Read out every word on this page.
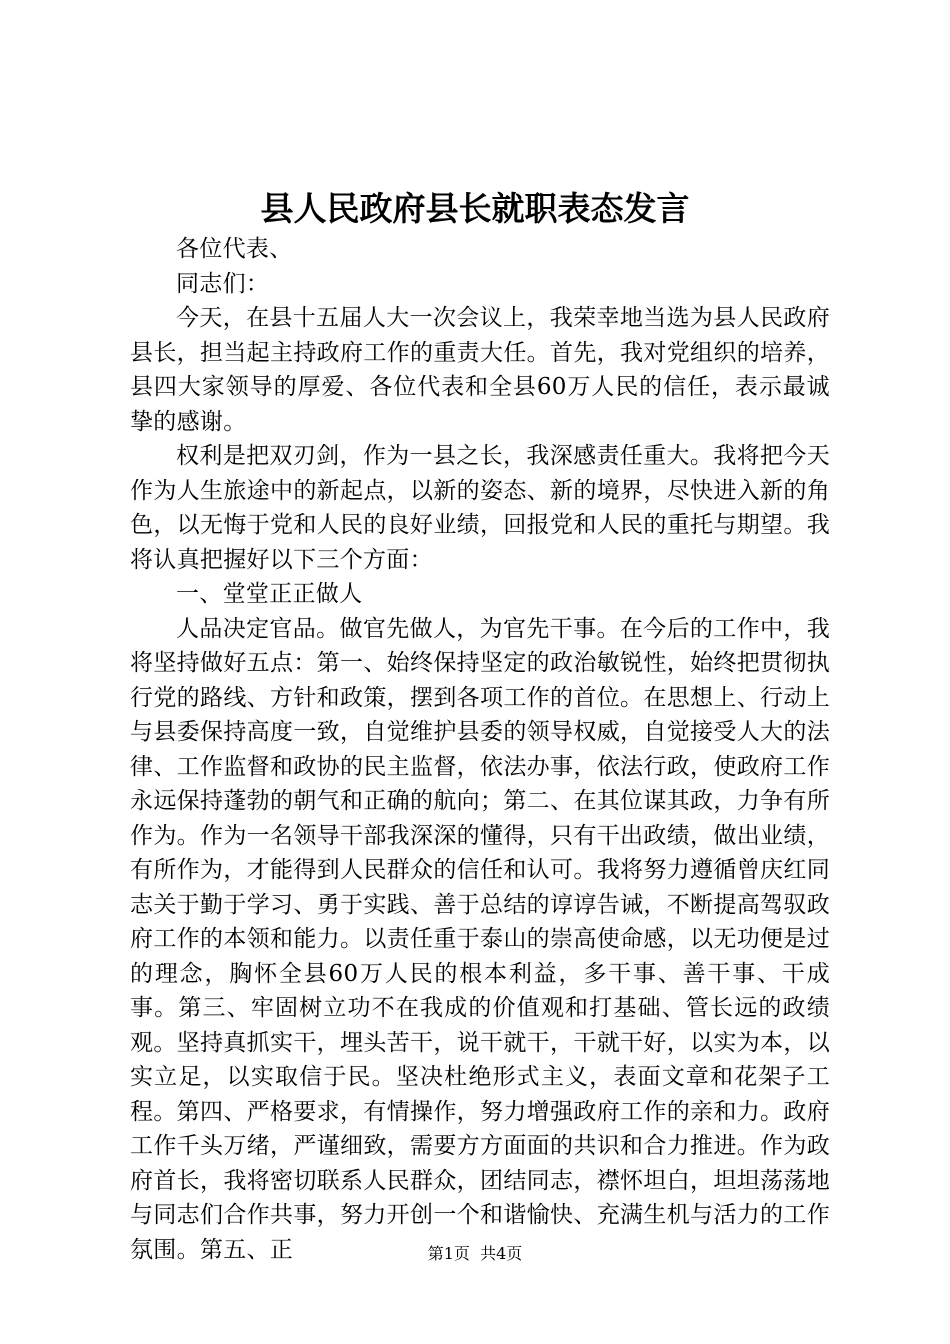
县人民政府县长就职表态发言

各位代表、

同志们：

今天，在县十五届人大一次会议上，我荣幸地当选为县人民政府县长，担当起主持政府工作的重责大任。首先，我对党组织的培养，县四大家领导的厚爱、各位代表和全县60万人民的信任，表示最诚挚的感谢。

权利是把双刃剑，作为一县之长，我深感责任重大。我将把今天作为人生旅途中的新起点，以新的姿态、新的境界，尽快进入新的角色，以无悔于党和人民的良好业绩，回报党和人民的重托与期望。我将认真把握好以下三个方面：

一、堂堂正正做人

人品决定官品。做官先做人，为官先干事。在今后的工作中，我将坚持做好五点：第一、始终保持坚定的政治敏锐性，始终把贯彻执行党的路线、方针和政策，摆到各项工作的首位。在思想上、行动上与县委保持高度一致，自觉维护县委的领导权威，自觉接受人大的法律、工作监督和政协的民主监督，依法办事，依法行政，使政府工作永远保持蓬勃的朝气和正确的航向；第二、在其位谋其政，力争有所作为。作为一名领导干部我深深的懂得，只有干出政绩，做出业绩，有所作为，才能得到人民群众的信任和认可。我将努力遵循曾庆红同志关于勤于学习、勇于实践、善于总结的谆谆告诫，不断提高驾驭政府工作的本领和能力。以责任重于泰山的崇高使命感，以无功便是过的理念，胸怀全县60万人民的根本利益，多干事、善干事、干成事。第三、牢固树立功不在我成的价值观和打基础、管长远的政绩观。坚持真抓实干，埋头苦干，说干就干，干就干好，以实为本，以实立足，以实取信于民。坚决杜绝形式主义，表面文章和花架子工程。第四、严格要求，有情操作，努力增强政府工作的亲和力。政府工作千头万绪，严谨细致，需要方方面面的共识和合力推进。作为政府首长，我将密切联系人民群众，团结同志，襟怀坦白，坦坦荡荡地与同志们合作共事，努力开创一个和谐愉快、充满生机与活力的工作氛围。第五、正	第1页 共4页
